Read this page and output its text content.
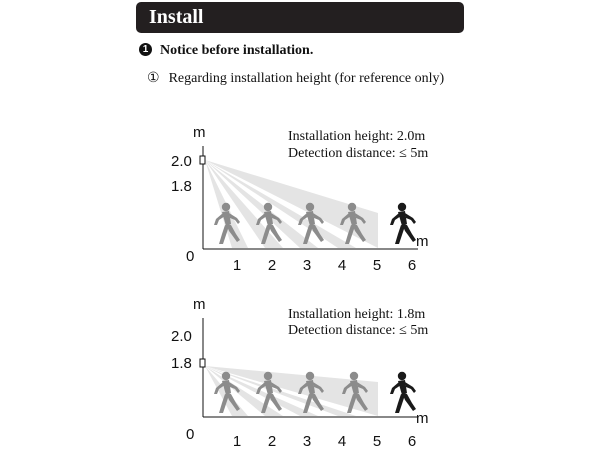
Install
1 Notice before installation.
① Regarding installation height (for reference only)
m
2.0
1.8
0
m
1 2 3 4 5 6
Installation height: 2.0m
Detection distance: ≤ 5m
m
2.0
1.8
0
m
1 2 3 4 5 6
Installation height: 1.8m
Detection distance: ≤ 5m
